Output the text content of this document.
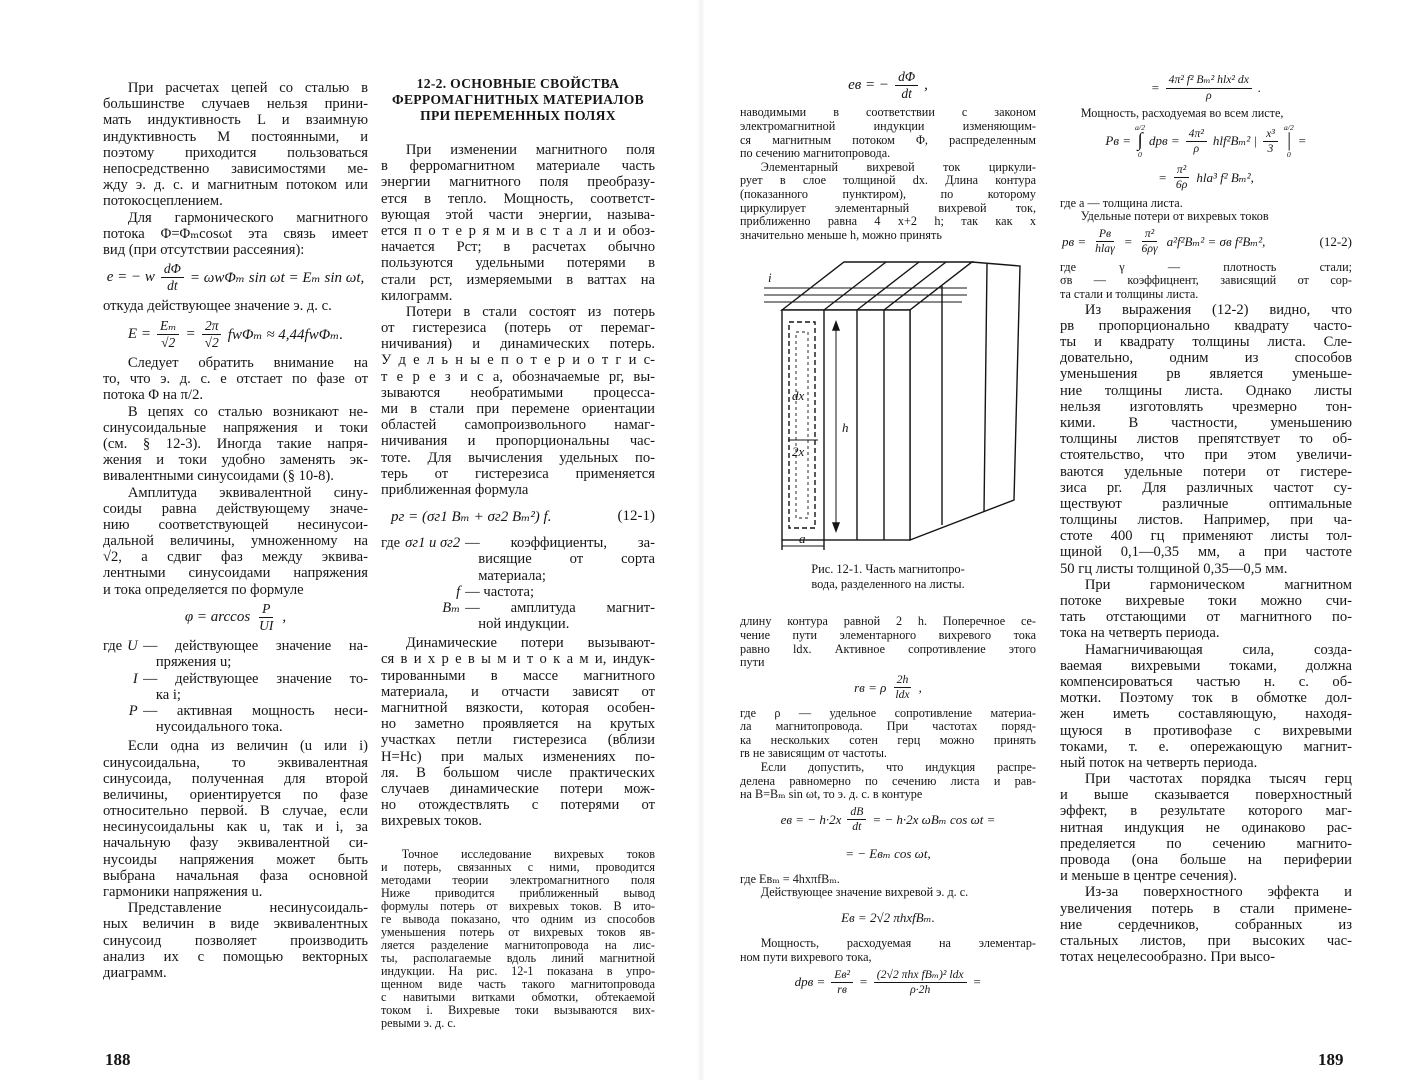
При расчетах цепей со сталью в
большинстве случаев нельзя прини-
мать индуктивность L и взаимную
индуктивность M постоянными, и
поэтому приходится пользоваться
непосредственно зависимостями ме-
жду э. д. с. и магнитным потоком или
потокосцеплением.
Для гармонического магнитного
потока Φ=Φₘcosωt эта связь имеет
вид (при отсутствии рассеяния):
e = − w $\frac{d\Phi}{dt} = \omega w\Phi_m$ sin ωt = Eₘ sin ωt,
откуда действующее значение э. д. с.
$E = \frac{\text{Eₘ}}{√2} = \frac{2\pi}{√2}$ fwΦₘ ≈ 4,44fwΦₘ.
Следует обратить внимание на
то, что э. д. с. e отстает по фазе от
потока Φ на π/2.
В цепях со сталью возникают не-
синусоидальные напряжения и токи
(см. § 12-3). Иногда такие напря-
жения и токи удобно заменять эк-
вивалентными синусоидами (§ 10-8).
Амплитуда эквивалентной сину-
соиды равна действующему значе-
нию соответствующей несинусои-
дальной величины, умноженному на
√2, а сдвиг фаз между эквива-
лентными синусоидами напряжения
и тока определяется по формуле
$\varphi = \arccos \frac{P}{UI}$ ,
где U — действующее значение на-
пряжения u;
I — действующее значение то-
ка i;
P — активная мощность неси-
нусоидального тока.
Если одна из величин (u или i)
синусоидальна, то эквивалентная
синусоида, полученная для второй
величины, ориентируется по фазе
относительно первой. В случае, если
несинусоидальны как u, так и i, за
начальную фазу эквивалентной си-
нусоиды напряжения может быть
выбрана начальная фаза основной
гармоники напряжения u.
Представление несинусоидаль-
ных величин в виде эквивалентных
синусоид позволяет производить
анализ их с помощью векторных
диаграмм.
12-2. ОСНОВНЫЕ СВОЙСТВА
ФЕРРОМАГНИТНЫХ МАТЕРИАЛОВ
ПРИ ПЕРЕМЕННЫХ ПОЛЯХ
При изменении магнитного поля
в ферромагнитном материале часть
энергии магнитного поля преобразу-
ется в тепло. Мощность, соответст-
вующая этой части энергии, называ-
ется п о т е р я м и в с т а л и и обоз-
начается Pст; в расчетах обычно
пользуются удельными потерями в
стали pст, измеряемыми в ваттах на
килограмм.
Потери в стали состоят из потерь
от гистерезиса (потерь от перемаг-
ничивания) и динамических потерь.
У д е л ь н ы е п о т е р и о т г и с-
т е р е з и с а, обозначаемые pг, вы-
зываются необратимыми процесса-
ми в стали при перемене ориентации
областей самопроизвольного намаг-
ничивания и пропорциональны час-
тоте. Для вычисления удельных по-
терь от гистерезиса применяется
приближенная формула
pг = (σг1 Bₘ + σг2 Bₘ²) f.	(12-1)
где σг1 и σг2 — коэффициенты, за-
висящие от сорта
материала;
f — частота;
Bₘ — амплитуда магнит-
ной индукции.
Динамические потери вызывают-
ся в и х р е в ы м и т о к а м и, индук-
тированными в массе магнитного
материала, и отчасти зависят от
магнитной вязкости, которая особен-
но заметно проявляется на крутых
участках петли гистерезиса (вблизи
H=Hc) при малых изменениях по-
ля. В большом числе практических
случаев динамические потери мож-
но отождествлять с потерями от
вихревых токов.
Точное исследование вихревых токов
и потерь, связанных с ними, проводится
методами теории электромагнитного поля
Ниже приводится приближенный вывод
формулы потерь от вихревых токов. В ито-
ге вывода показано, что одним из способов
уменьшения потерь от вихревых токов яв-
ляется разделение магнитопровода на лис-
ты, располагаемые вдоль линий магнитной
индукции. На рис. 12-1 показана в упро-
щенном виде часть такого магнитопровода
с навитыми витками обмотки, обтекаемой
током i. Вихревые токи вызываются вих-
ревыми э. д. с.
eв = − $\frac{d\Phi}{dt}$ ,
наводимыми в соответствии с законом
электромагнитной индукции изменяющим-
ся магнитным потоком Φ, распределенным
по сечению магнитопровода.
Элементарный вихревой ток циркули-
рует в слое толщиной dx. Длина контура
(показанного пунктиром), по которому
циркулирует элементарный вихревой ток,
приближенно равна 4 x+2 h; так как x
значительно меньше h, можно принять
i
dx
h
2x
a
Рис. 12-1. Часть магнитопро-
вода, разделенного на листы.
длину контура равной 2 h. Поперечное се-
чение пути элементарного вихревого тока
равно ldx. Активное сопротивление этого
пути
rв = ρ $\frac{2h}{\text{ldx}}$ ,
где ρ — удельное сопротивление материа-
ла магнитопровода. При частотах поряд-
ка нескольких сотен герц можно принять
rв не зависящим от частоты.
Если допустить, что индукция распре-
делена равномерно по сечению листа и рав-
на B=Bₘ sin ωt, то э. д. с. в контуре
eв = − $h\cdot 2x \frac{dB}{dt}$ = − h·2x ωBₘ cos ωt =
= − Eвₘ cos ωt,
где Eвₘ = 4hxπfBₘ.
Действующее значение вихревой э. д. с.
Eв = 2√2 πhxfBₘ.
Мощность, расходуемая на элементар-
ном пути вихревого тока,
dpв = $\frac{\text{Eв²}}{rв} = \frac{\text{(2√2 πhx fBₘ)² ldx}}{\rho\cdot 2h}$ =
= $\frac{\text{4π² f² Bₘ² hlx² dx}}{\rho}$ .
Мощность, расходуемая во всем листе,
Pв =
a/2
∫
0
dpв = $\frac{\text{4π²}}{\rho} hlf^2B_m^2$ | $\frac{\text{x³}}{3} a/2$
|
0
=
= $\frac{\text{π²}}{6\rho} hla^3$ f² Bₘ²,
где a — толщина листа.
Удельные потери от вихревых токов
pв = $\frac{Pв}{\text{hlaγ}} = \frac{\text{π²}}{6\rho\gamma} a^2f^2B_m^2 = \sigma в$ f²Bₘ²,	(12-2)
где γ — плотность стали;
σв — коэффицнент, зависящий от сор-
та стали и толщины листа.
Из выражения (12-2) видно, что
pв пропорционально квадрату часто-
ты и квадрату толщины листа. Сле-
довательно, одним из способов
уменьшения pв является уменьше-
ние толщины листа. Однако листы
нельзя изготовлять чрезмерно тон-
кими. В частности, уменьшению
толщины листов препятствует то об-
стоятельство, что при этом увеличи-
ваются удельные потери от гистере-
зиса pг. Для различных частот су-
ществуют различные оптимальные
толщины листов. Например, при ча-
стоте 400 гц применяют листы тол-
щиной 0,1—0,35 мм, а при частоте
50 гц листы толщиной 0,35—0,5 мм.
При гармоническом магнитном
потоке вихревые токи можно счи-
тать отстающими от магнитного по-
тока на четверть периода.
Намагничивающая сила, созда-
ваемая вихревыми токами, должна
компенсироваться частью н. с. об-
мотки. Поэтому ток в обмотке дол-
жен иметь составляющую, находя-
щуюся в противофазе с вихревыми
токами, т. е. опережающую магнит-
ный поток на четверть периода.
При частотах порядка тысяч герц
и выше сказывается поверхностный
эффект, в результате которого маг-
нитная индукция не одинаково рас-
пределяется по сечению магнито-
провода (она больше на периферии
и меньше в центре сечения).
Из-за поверхностного эффекта и
увеличения потерь в стали примене-
ние сердечников, собранных из
стальных листов, при высоких час-
тотах нецелесообразно. При высо-
188	189
